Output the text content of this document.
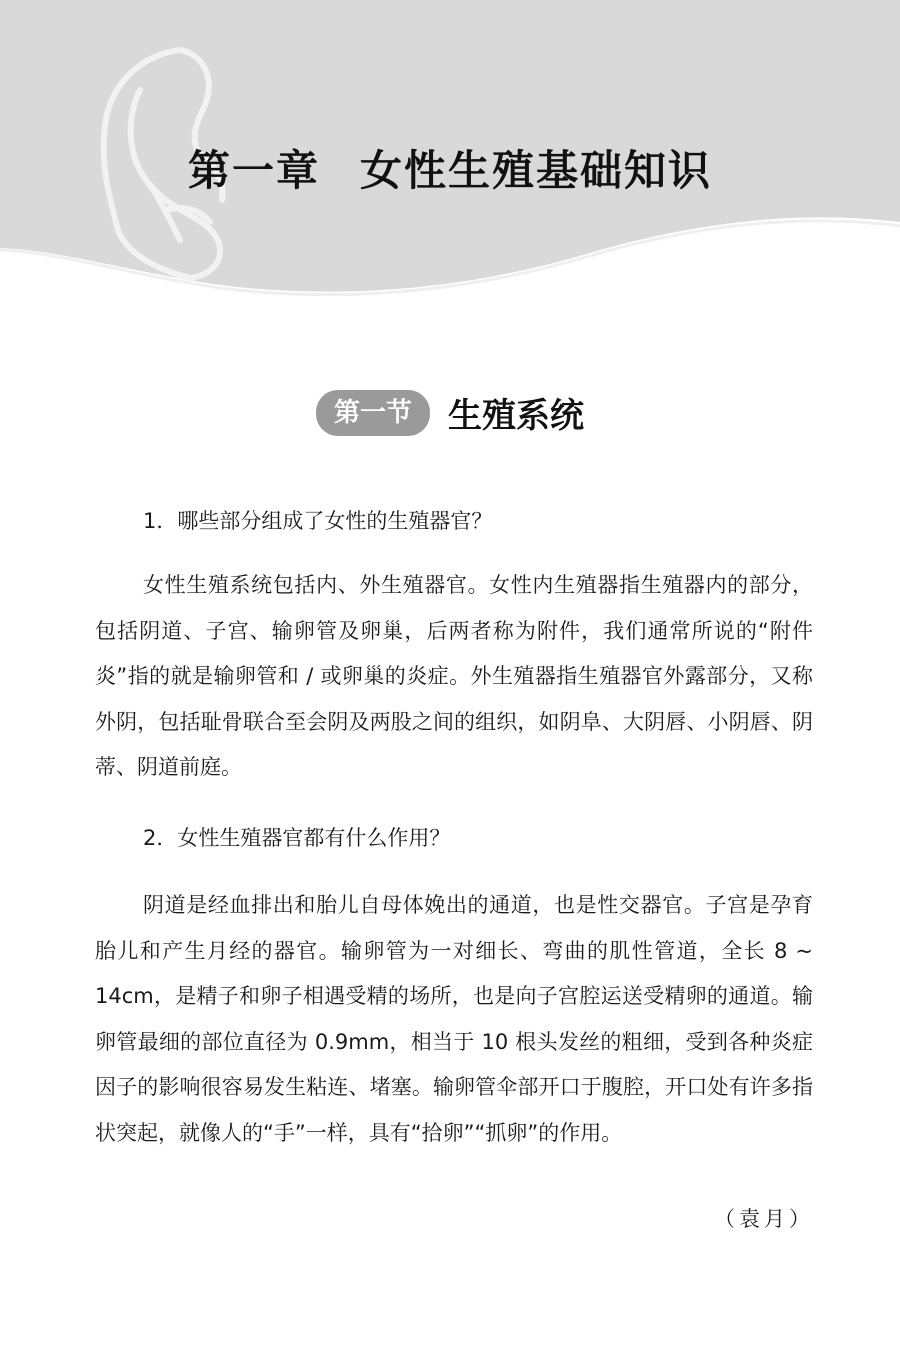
第一章 女性生殖基础知识
第一节	生殖系统
1．哪些部分组成了女性的生殖器官？

女性生殖系统包括内、外生殖器官。女性内生殖器指生殖器内的部分，包括阴道、子宫、输卵管及卵巢，后两者称为附件，我们通常所说的“附件炎”指的就是输卵管和 / 或卵巢的炎症。外生殖器指生殖器官外露部分，又称外阴，包括耻骨联合至会阴及两股之间的组织，如阴阜、大阴唇、小阴唇、阴蒂、阴道前庭。

2．女性生殖器官都有什么作用？

阴道是经血排出和胎儿自母体娩出的通道，也是性交器官。子宫是孕育胎儿和产生月经的器官。输卵管为一对细长、弯曲的肌性管道，全长 8 ~ 14cm，是精子和卵子相遇受精的场所，也是向子宫腔运送受精卵的通道。输卵管最细的部位直径为 0.9mm，相当于 10 根头发丝的粗细，受到各种炎症因子的影响很容易发生粘连、堵塞。输卵管伞部开口于腹腔，开口处有许多指状突起，就像人的“手”一样，具有“拾卵”“抓卵”的作用。

（袁月）
